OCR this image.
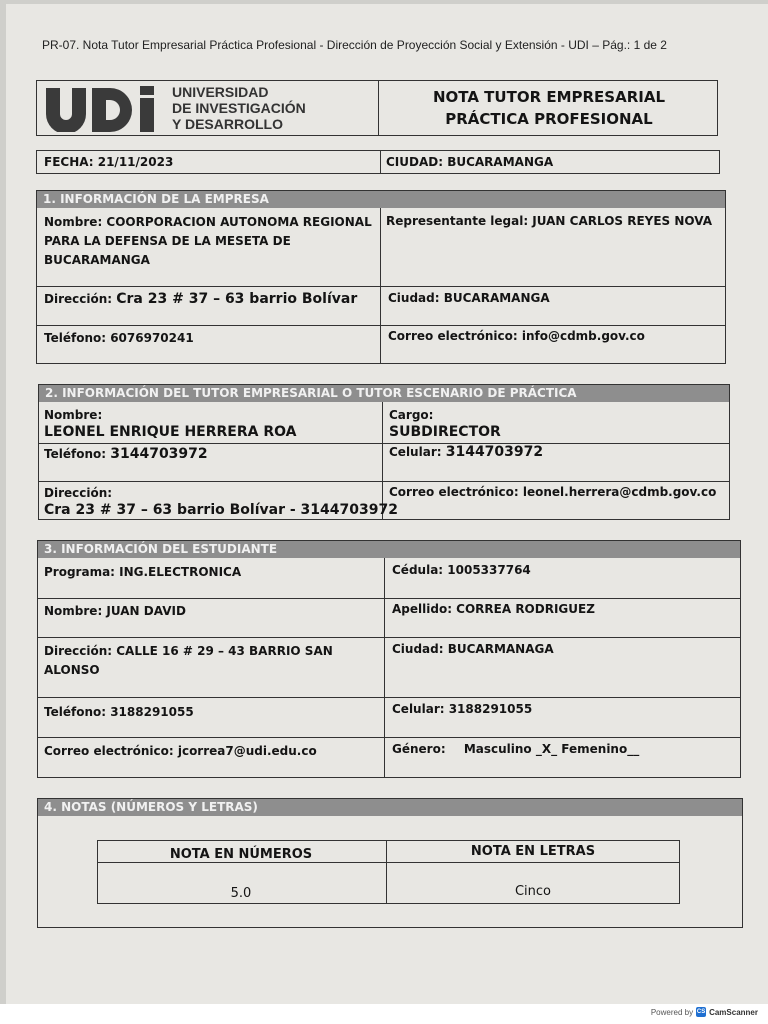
PR-07. Nota Tutor Empresarial Práctica Profesional - Dirección de Proyección Social y Extensión - UDI – Pág.: 1 de 2
UNIVERSIDAD
DE INVESTIGACIÓN
Y DESARROLLO
NOTA TUTOR EMPRESARIAL
PRÁCTICA PROFESIONAL
FECHA: 21/11/2023	CIUDAD: BUCARAMANGA
1. INFORMACIÓN DE LA EMPRESA
Nombre: COORPORACION AUTONOMA REGIONAL
PARA LA DEFENSA DE LA MESETA DE
BUCARAMANGA
Representante legal: JUAN CARLOS REYES NOVA
Dirección: Cra 23 # 37 – 63 barrio Bolívar	Ciudad: BUCARAMANGA
Teléfono: 6076970241	Correo electrónico: info@cdmb.gov.co
2. INFORMACIÓN DEL TUTOR EMPRESARIAL O TUTOR ESCENARIO DE PRÁCTICA
Nombre:
LEONEL ENRIQUE HERRERA ROA
Cargo:
SUBDIRECTOR
Teléfono: 3144703972	Celular: 3144703972
Dirección:
Cra 23 # 37 – 63 barrio Bolívar - 3144703972
Correo electrónico: leonel.herrera@cdmb.gov.co
3. INFORMACIÓN DEL ESTUDIANTE
Programa: ING.ELECTRONICA	Cédula: 1005337764
Nombre: JUAN DAVID	Apellido: CORREA RODRIGUEZ
Dirección: CALLE 16 # 29 – 43 BARRIO SAN
ALONSO
Ciudad: BUCARMANAGA
Teléfono: 3188291055	Celular: 3188291055
Correo electrónico: jcorrea7@udi.edu.co	Género: Masculino _X_ Femenino__
4. NOTAS (NÚMEROS Y LETRAS)
NOTA EN NÚMEROS	NOTA EN LETRAS
5.0	Cinco
Powered by CS CamScanner
